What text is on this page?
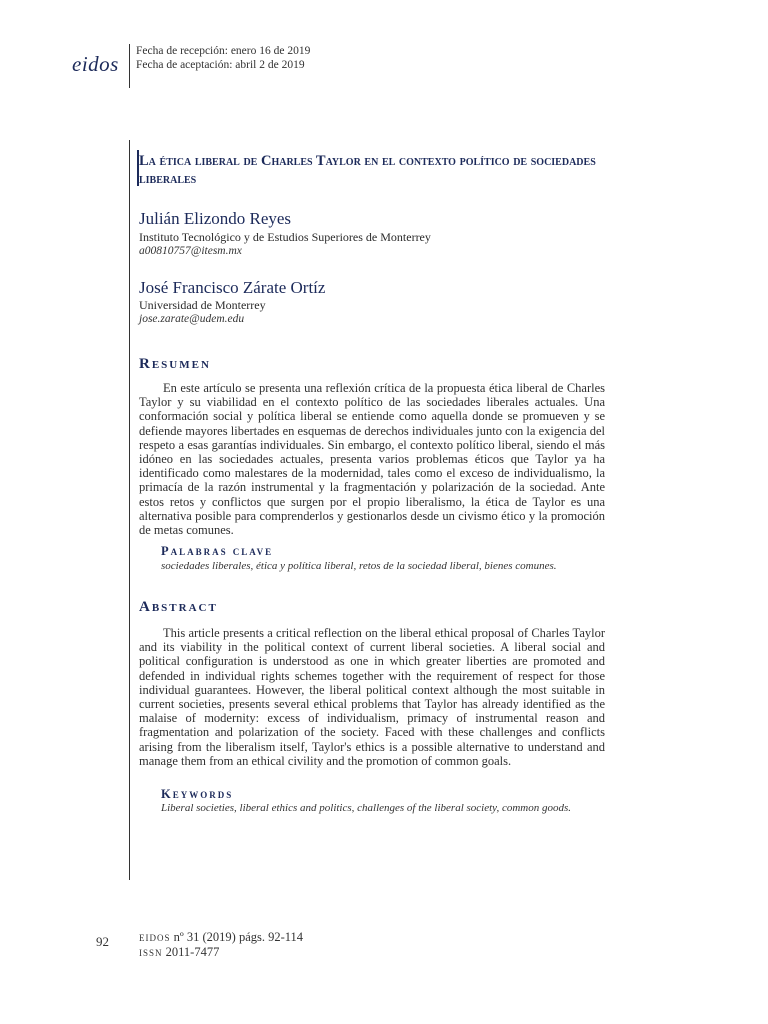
eidos
Fecha de recepción: enero 16 de 2019
Fecha de aceptación: abril 2 de 2019
La ética liberal de Charles Taylor en el contexto político de sociedades liberales
Julián Elizondo Reyes
Instituto Tecnológico y de Estudios Superiores de Monterrey
a00810757@itesm.mx
José Francisco Zárate Ortíz
Universidad de Monterrey
jose.zarate@udem.edu
Resumen
En este artículo se presenta una reflexión crítica de la propuesta ética liberal de Charles Taylor y su viabilidad en el contexto político de las sociedades liberales actuales. Una conformación social y política liberal se entiende como aquella donde se promueven y se defiende mayores libertades en esquemas de derechos individuales junto con la exigencia del respeto a esas garantías individuales. Sin embargo, el contexto político liberal, siendo el más idóneo en las sociedades actuales, presenta varios problemas éticos que Taylor ya ha identificado como malestares de la modernidad, tales como el exceso de individualismo, la primacía de la razón instrumental y la fragmentación y polarización de la sociedad. Ante estos retos y conflictos que surgen por el propio liberalismo, la ética de Taylor es una alternativa posible para comprenderlos y gestionarlos desde un civismo ético y la promoción de metas comunes.
Palabras clave
sociedades liberales, ética y política liberal, retos de la sociedad liberal, bienes comunes.
Abstract
This article presents a critical reflection on the liberal ethical proposal of Charles Taylor and its viability in the political context of current liberal societies. A liberal social and political configuration is understood as one in which greater liberties are promoted and defended in individual rights schemes together with the requirement of respect for those individual guarantees. However, the liberal political context although the most suitable in current societies, presents several ethical problems that Taylor has already identified as the malaise of modernity: excess of individualism, primacy of instrumental reason and fragmentation and polarization of the society. Faced with these challenges and conflicts arising from the liberalism itself, Taylor's ethics is a possible alternative to understand and manage them from an ethical civility and the promotion of common goals.
Keywords
Liberal societies, liberal ethics and politics, challenges of the liberal society, common goods.
92 eidos nº 31 (2019) págs. 92-114
issn 2011-7477
